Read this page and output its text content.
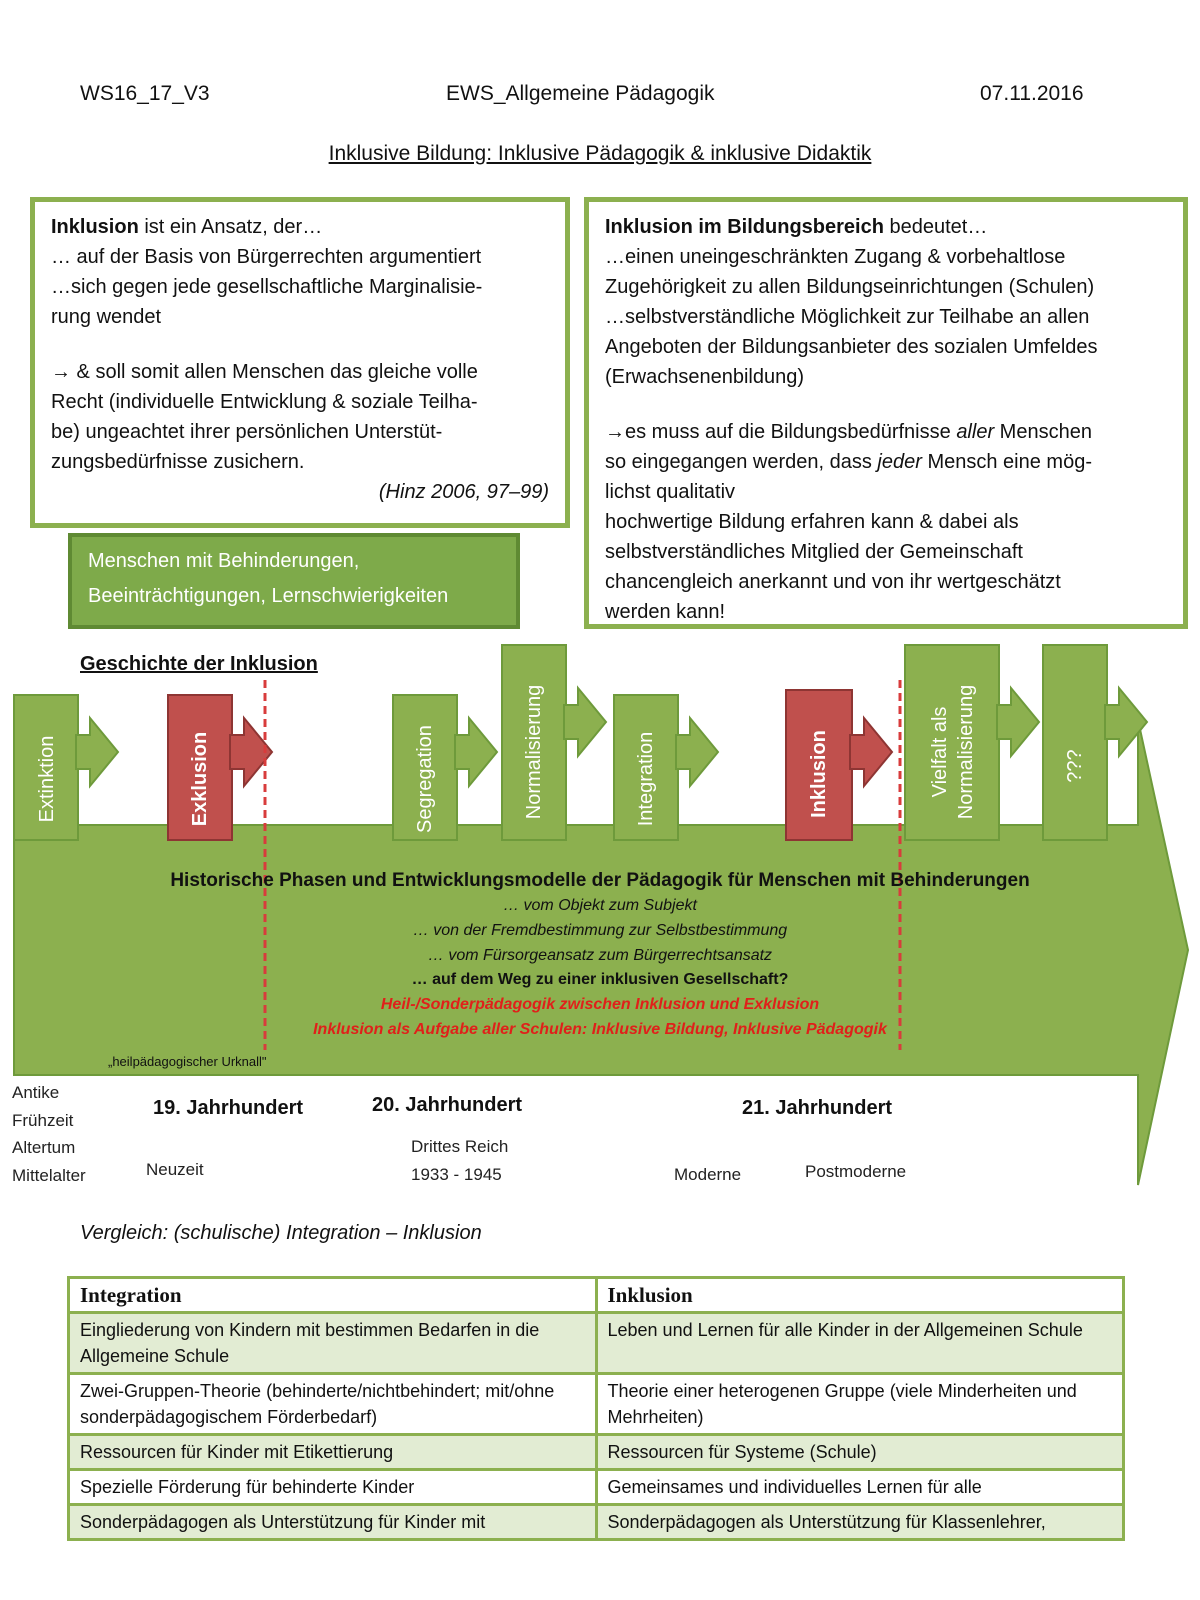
WS16_17_V3	EWS_Allgemeine Pädagogik	07.11.2016
Inklusive Bildung: Inklusive Pädagogik & inklusive Didaktik

Inklusion ist ein Ansatz, der…

… auf der Basis von Bürgerrechten argumentiert

…sich gegen jede gesellschaftliche Marginalisie-

rung wendet

→ & soll somit allen Menschen das gleiche volle

Recht (individuelle Entwicklung & soziale Teilha-

be) ungeachtet ihrer persönlichen Unterstüt-

zungsbedürfnisse zusichern.

(Hinz 2006, 97–99)

Inklusion im Bildungsbereich bedeutet…

…einen uneingeschränkten Zugang & vorbehaltlose

Zugehörigkeit zu allen Bildungseinrichtungen (Schulen)

…selbstverständliche Möglichkeit zur Teilhabe an allen

Angeboten der Bildungsanbieter des sozialen Umfeldes

(Erwachsenenbildung)

→es muss auf die Bildungsbedürfnisse aller Menschen

so eingegangen werden, dass jeder Mensch eine mög-

lichst qualitativ

hochwertige Bildung erfahren kann & dabei als

selbstverständliches Mitglied der Gemeinschaft

chancengleich anerkannt und von ihr wertgeschätzt

werden kann!

Menschen mit Behinderungen,
Beeinträchtigungen, Lernschwierigkeiten
Geschichte der Inklusion
Extinktion	Exklusion	Segregation	Normalisierung	Integration	Inklusion	Vielfalt als Normalisierung	???
Historische Phasen und Entwicklungsmodelle der Pädagogik für Menschen mit Behinderungen
… vom Objekt zum Subjekt
… von der Fremdbestimmung zur Selbstbestimmung
… vom Fürsorgeansatz zum Bürgerrechtsansatz
… auf dem Weg zu einer inklusiven Gesellschaft?
Heil-/Sonderpädagogik zwischen Inklusion und Exklusion
Inklusion als Aufgabe aller Schulen: Inklusive Bildung, Inklusive Pädagogik
„heilpädagogischer Urknall"
Antike
Frühzeit
Altertum
Mittelalter
19. Jahrhundert
Neuzeit
20. Jahrhundert
Drittes Reich
1933 - 1945
21. Jahrhundert
Moderne	Postmoderne
Vergleich: (schulische) Integration – Inklusion
Integration	Inklusion
Eingliederung von Kindern mit bestimmen Bedarfen in die Allgemeine Schule	Leben und Lernen für alle Kinder in der Allgemeinen Schule
Zwei-Gruppen-Theorie (behinderte/nichtbehindert; mit/ohne sonderpädagogischem Förderbedarf)	Theorie einer heterogenen Gruppe (viele Minderheiten und Mehrheiten)
Ressourcen für Kinder mit Etikettierung	Ressourcen für Systeme (Schule)
Spezielle Förderung für behinderte Kinder	Gemeinsames und individuelles Lernen für alle
Sonderpädagogen als Unterstützung für Kinder mit	Sonderpädagogen als Unterstützung für Klassenlehrer,
